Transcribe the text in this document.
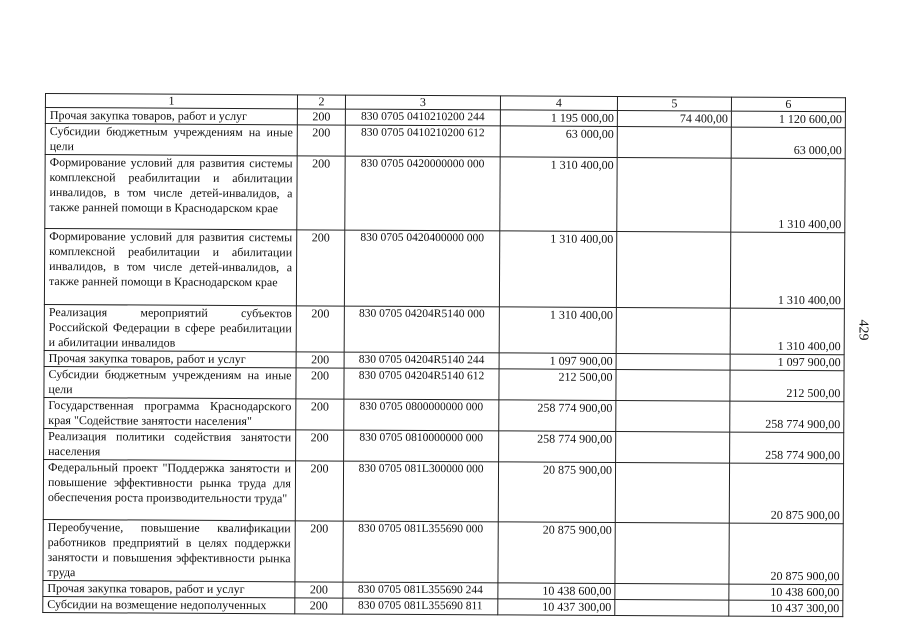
1	2	3	4	5	6
Прочая закупка товаров, работ и услуг	200	830 0705 0410210200 244	1 195 000,00	74 400,00	1 120 600,00
Субсидии бюджетным учреждениям на иные цели	200	830 0705 0410210200 612	63 000,00		63 000,00
Формирование условий для развития системы комплексной реабилитации и абилитации инвалидов, в том числе детей-инвалидов, а также ранней помощи в Краснодарском крае	200	830 0705 0420000000 000	1 310 400,00		1 310 400,00
Формирование условий для развития системы комплексной реабилитации и абилитации инвалидов, в том числе детей-инвалидов, а также ранней помощи в Краснодарском крае	200	830 0705 0420400000 000	1 310 400,00		1 310 400,00
Реализация мероприятий субъектов Российской Федерации в сфере реабилитации и абилитации инвалидов	200	830 0705 04204R5140 000	1 310 400,00		1 310 400,00
Прочая закупка товаров, работ и услуг	200	830 0705 04204R5140 244	1 097 900,00		1 097 900,00
Субсидии бюджетным учреждениям на иные цели	200	830 0705 04204R5140 612	212 500,00		212 500,00
Государственная программа Краснодарского края "Содействие занятости населения"	200	830 0705 0800000000 000	258 774 900,00		258 774 900,00
Реализация политики содействия занятости населения	200	830 0705 0810000000 000	258 774 900,00		258 774 900,00
Федеральный проект "Поддержка занятости и повышение эффективности рынка труда для обеспечения роста производительности труда"	200	830 0705 081L300000 000	20 875 900,00		20 875 900,00
Переобучение, повышение квалификации работников предприятий в целях поддержки занятости и повышения эффективности рынка труда	200	830 0705 081L355690 000	20 875 900,00		20 875 900,00
Прочая закупка товаров, работ и услуг	200	830 0705 081L355690 244	10 438 600,00		10 438 600,00
Субсидии на возмещение недополученных	200	830 0705 081L355690 811	10 437 300,00		10 437 300,00
429
